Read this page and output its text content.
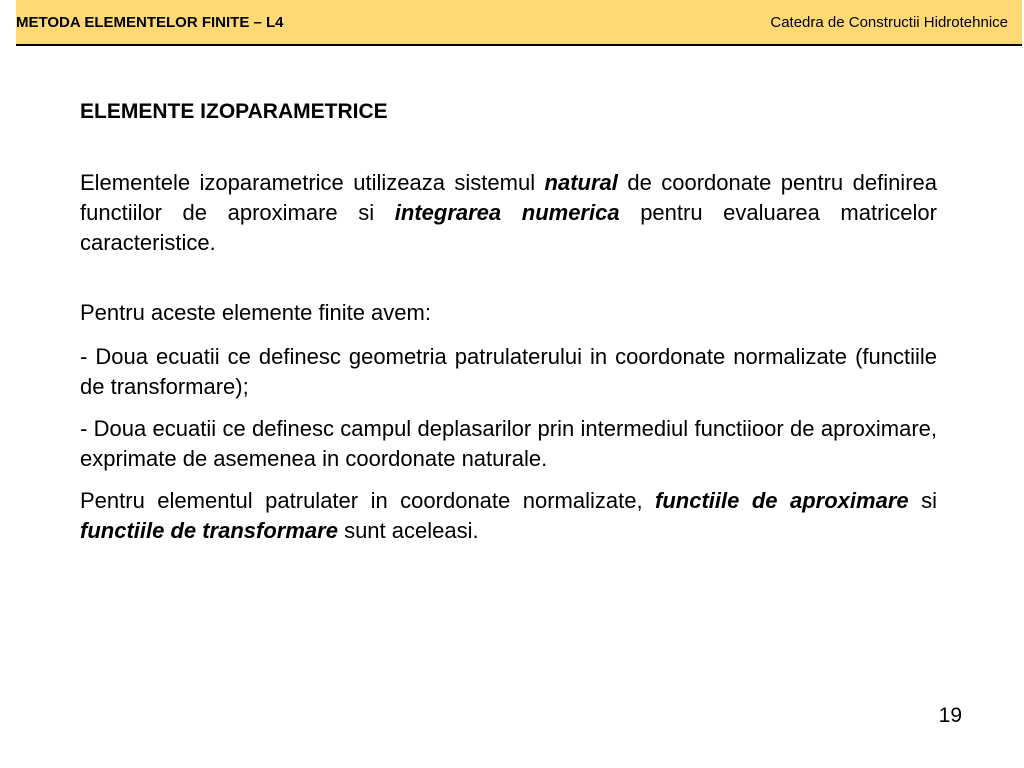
METODA ELEMENTELOR FINITE – L4	Catedra de Constructii Hidrotehnice
ELEMENTE IZOPARAMETRICE

Elementele izoparametrice utilizeaza sistemul natural de coordonate pentru definirea functiilor de aproximare si integrarea numerica pentru evaluarea matricelor caracteristice.

Pentru aceste elemente finite avem:

- Doua ecuatii ce definesc geometria patrulaterului in coordonate normalizate (functiile de transformare);

- Doua ecuatii ce definesc campul deplasarilor prin intermediul functiioor de aproximare, exprimate de asemenea in coordonate naturale.

Pentru elementul patrulater in coordonate normalizate, functiile de aproximare si functiile de transformare sunt aceleasi.

19
